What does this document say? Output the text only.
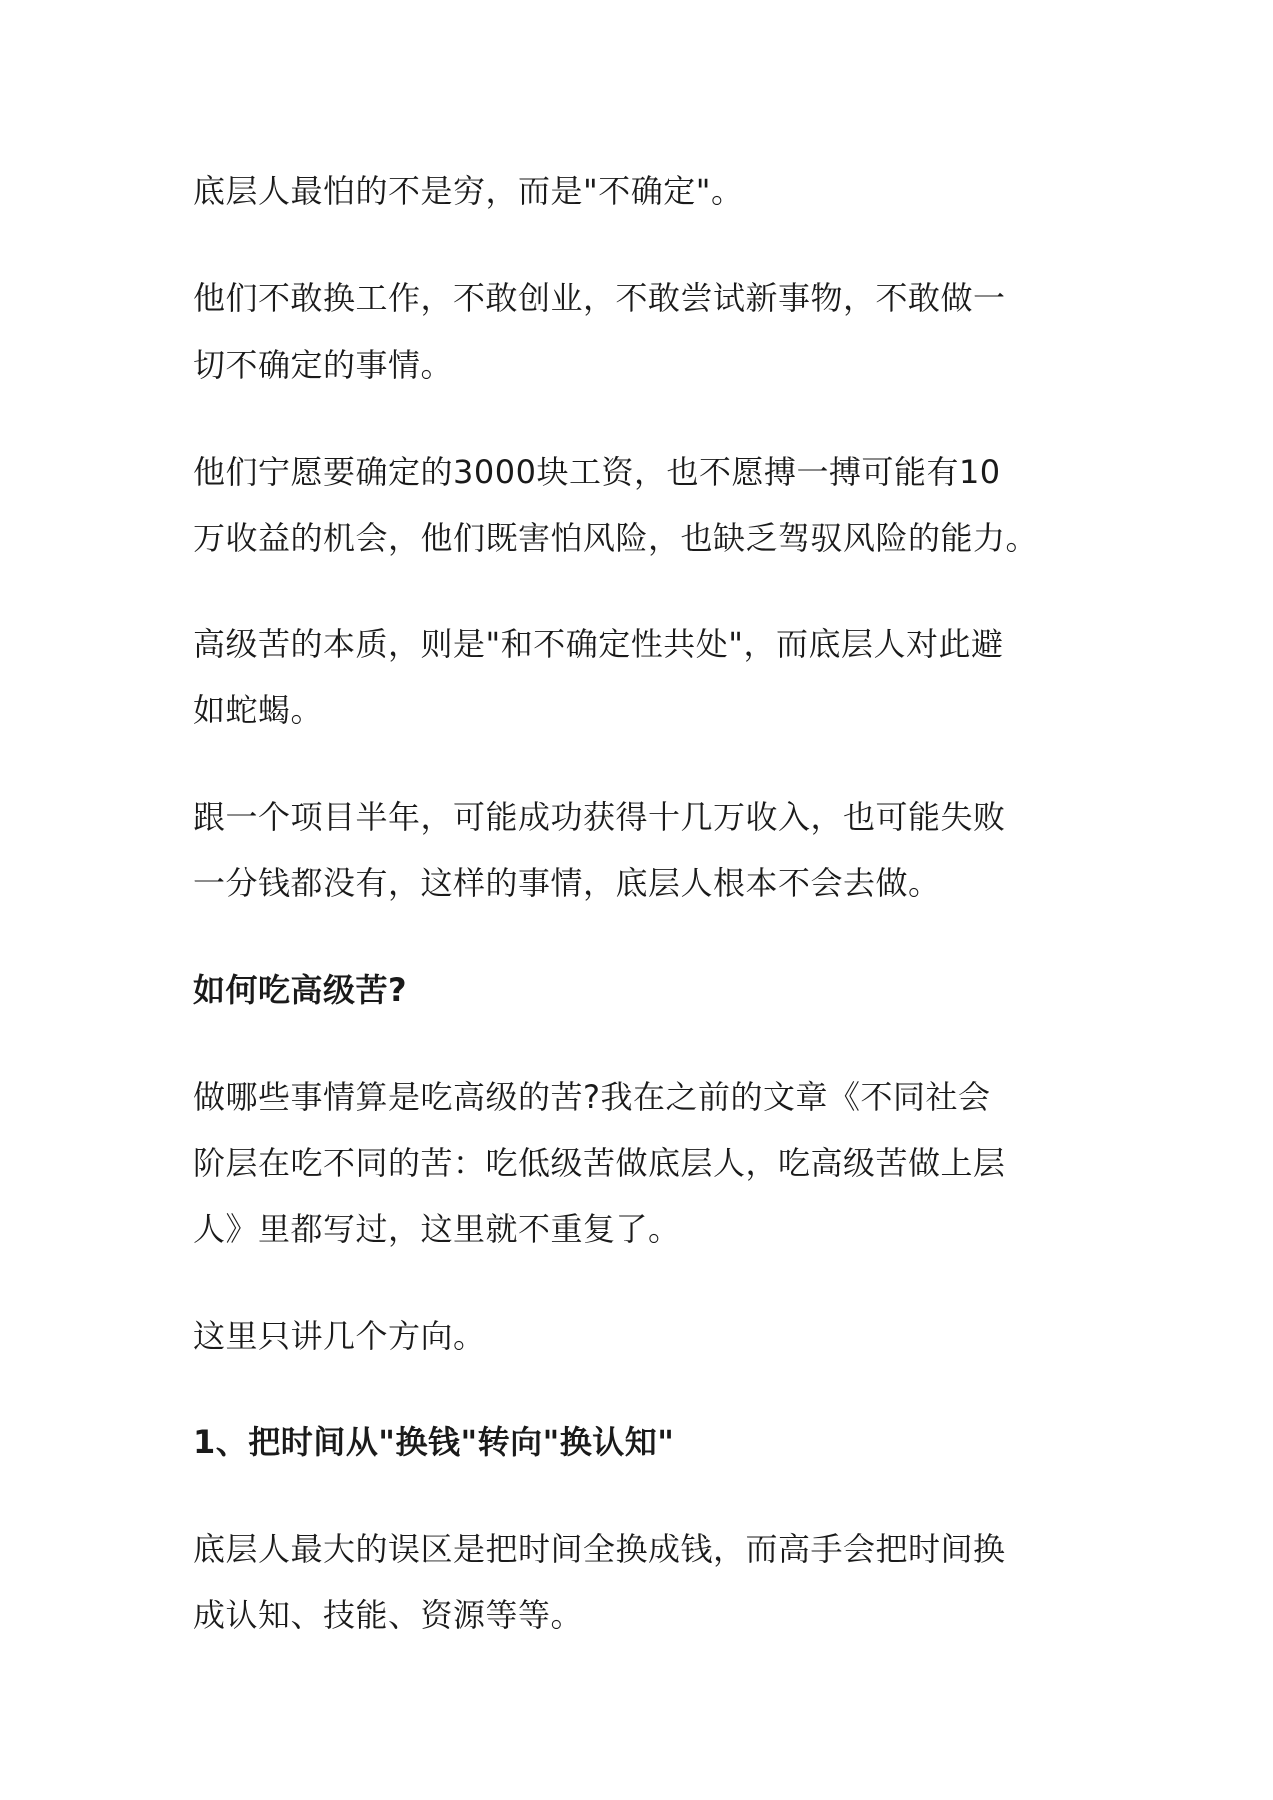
底层人最怕的不是穷，而是"不确定"。

他们不敢换工作，不敢创业，不敢尝试新事物，不敢做一

切不确定的事情。

他们宁愿要确定的3000块工资，也不愿搏一搏可能有10

万收益的机会，他们既害怕风险，也缺乏驾驭风险的能力。

高级苦的本质，则是"和不确定性共处"，而底层人对此避

如蛇蝎。

跟一个项目半年，可能成功获得十几万收入，也可能失败

一分钱都没有，这样的事情，底层人根本不会去做。

如何吃高级苦?

做哪些事情算是吃高级的苦?我在之前的文章《不同社会

阶层在吃不同的苦：吃低级苦做底层人，吃高级苦做上层

人》里都写过，这里就不重复了。

这里只讲几个方向。

1、把时间从"换钱"转向"换认知"

底层人最大的误区是把时间全换成钱，而高手会把时间换

成认知、技能、资源等等。
